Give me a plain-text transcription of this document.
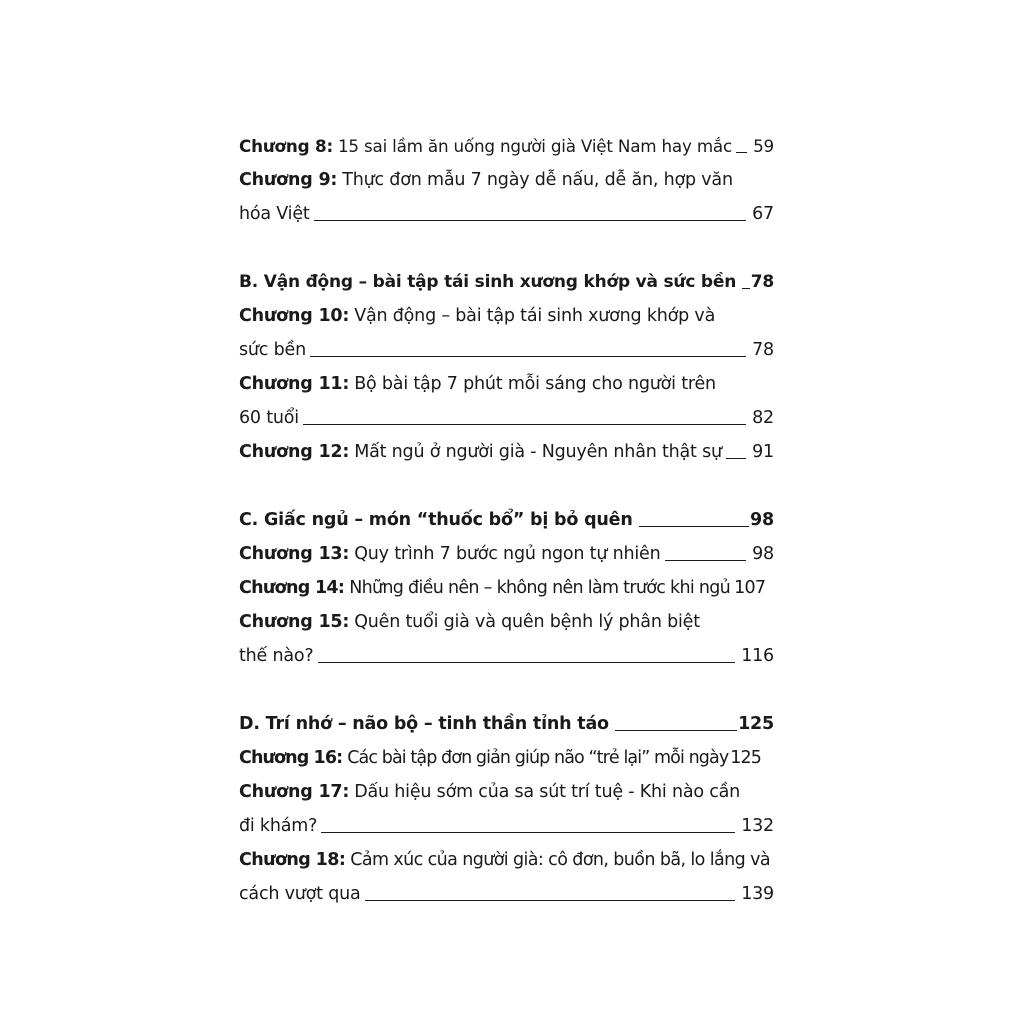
Chương 8: 15 sai lầm ăn uống người già Việt Nam hay mắc 59
Chương 9: Thực đơn mẫu 7 ngày dễ nấu, dễ ăn, hợp văn
hóa Việt	67
B. Vận động – bài tập tái sinh xương khớp và sức bền 78
Chương 10: Vận động – bài tập tái sinh xương khớp và
sức bền	78
Chương 11: Bộ bài tập 7 phút mỗi sáng cho người trên
60 tuổi	82
Chương 12: Mất ngủ ở người già - Nguyên nhân thật sự 91
C. Giấc ngủ – món “thuốc bổ” bị bỏ quên	98
Chương 13: Quy trình 7 bước ngủ ngon tự nhiên	98
Chương 14: Những điều nên – không nên làm trước khi ngủ 107
Chương 15: Quên tuổi già và quên bệnh lý phân biệt
thế nào?	116
D. Trí nhớ – não bộ – tinh thần tỉnh táo	125
Chương 16: Các bài tập đơn giản giúp não “trẻ lại” mỗi ngày 125
Chương 17: Dấu hiệu sớm của sa sút trí tuệ - Khi nào cần
đi khám?	132
Chương 18: Cảm xúc của người già: cô đơn, buồn bã, lo lắng và
cách vượt qua	139
